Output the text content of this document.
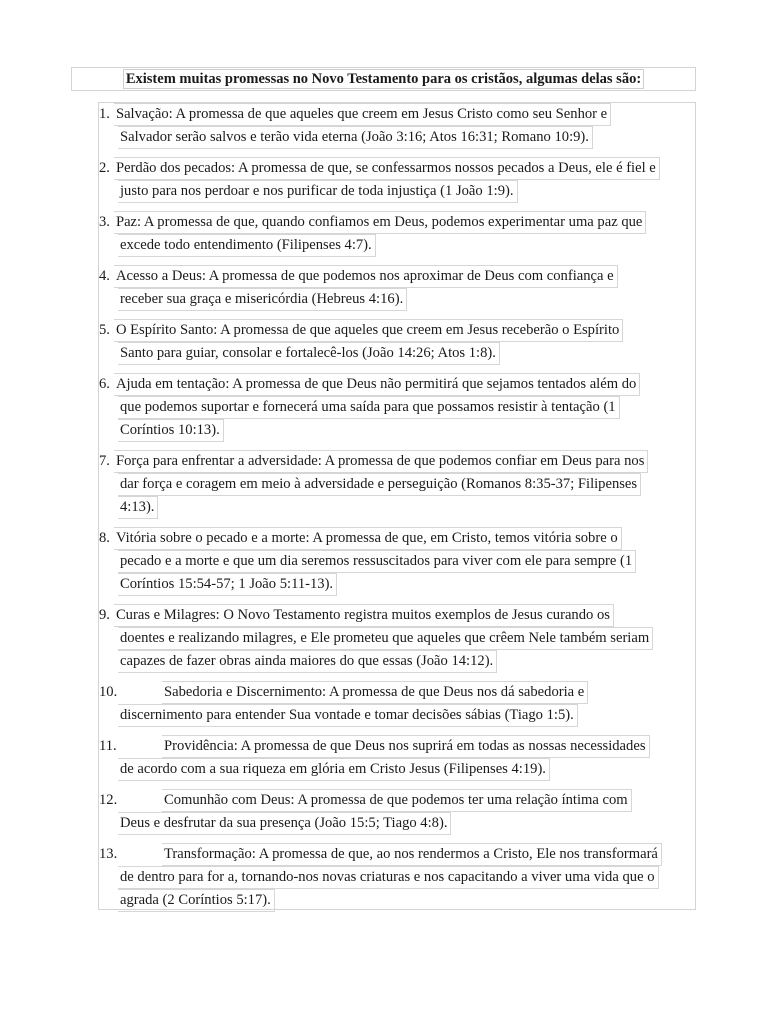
Existem muitas promessas no Novo Testamento para os cristãos, algumas delas são:
1. Salvação: A promessa de que aqueles que creem em Jesus Cristo como seu Senhor e
Salvador serão salvos e terão vida eterna (João 3:16; Atos 16:31; Romano 10:9).
2. Perdão dos pecados: A promessa de que, se confessarmos nossos pecados a Deus, ele é fiel e
justo para nos perdoar e nos purificar de toda injustiça (1 João 1:9).
3. Paz: A promessa de que, quando confiamos em Deus, podemos experimentar uma paz que
excede todo entendimento (Filipenses 4:7).
4. Acesso a Deus: A promessa de que podemos nos aproximar de Deus com confiança e
receber sua graça e misericórdia (Hebreus 4:16).
5. O Espírito Santo: A promessa de que aqueles que creem em Jesus receberão o Espírito
Santo para guiar, consolar e fortalecê-los (João 14:26; Atos 1:8).
6. Ajuda em tentação: A promessa de que Deus não permitirá que sejamos tentados além do
que podemos suportar e fornecerá uma saída para que possamos resistir à tentação (1
Coríntios 10:13).
7. Força para enfrentar a adversidade: A promessa de que podemos confiar em Deus para nos
dar força e coragem em meio à adversidade e perseguição (Romanos 8:35-37; Filipenses
4:13).
8. Vitória sobre o pecado e a morte: A promessa de que, em Cristo, temos vitória sobre o
pecado e a morte e que um dia seremos ressuscitados para viver com ele para sempre (1
Coríntios 15:54-57; 1 João 5:11-13).
9. Curas e Milagres: O Novo Testamento registra muitos exemplos de Jesus curando os
doentes e realizando milagres, e Ele prometeu que aqueles que crêem Nele também seriam
capazes de fazer obras ainda maiores do que essas (João 14:12).
10.	Sabedoria e Discernimento: A promessa de que Deus nos dá sabedoria e
discernimento para entender Sua vontade e tomar decisões sábias (Tiago 1:5).
11.	Providência: A promessa de que Deus nos suprirá em todas as nossas necessidades
de acordo com a sua riqueza em glória em Cristo Jesus (Filipenses 4:19).
12.	Comunhão com Deus: A promessa de que podemos ter uma relação íntima com
Deus e desfrutar da sua presença (João 15:5; Tiago 4:8).
13.	Transformação: A promessa de que, ao nos rendermos a Cristo, Ele nos transformará
de dentro para for a, tornando-nos novas criaturas e nos capacitando a viver uma vida que o
agrada (2 Coríntios 5:17).
